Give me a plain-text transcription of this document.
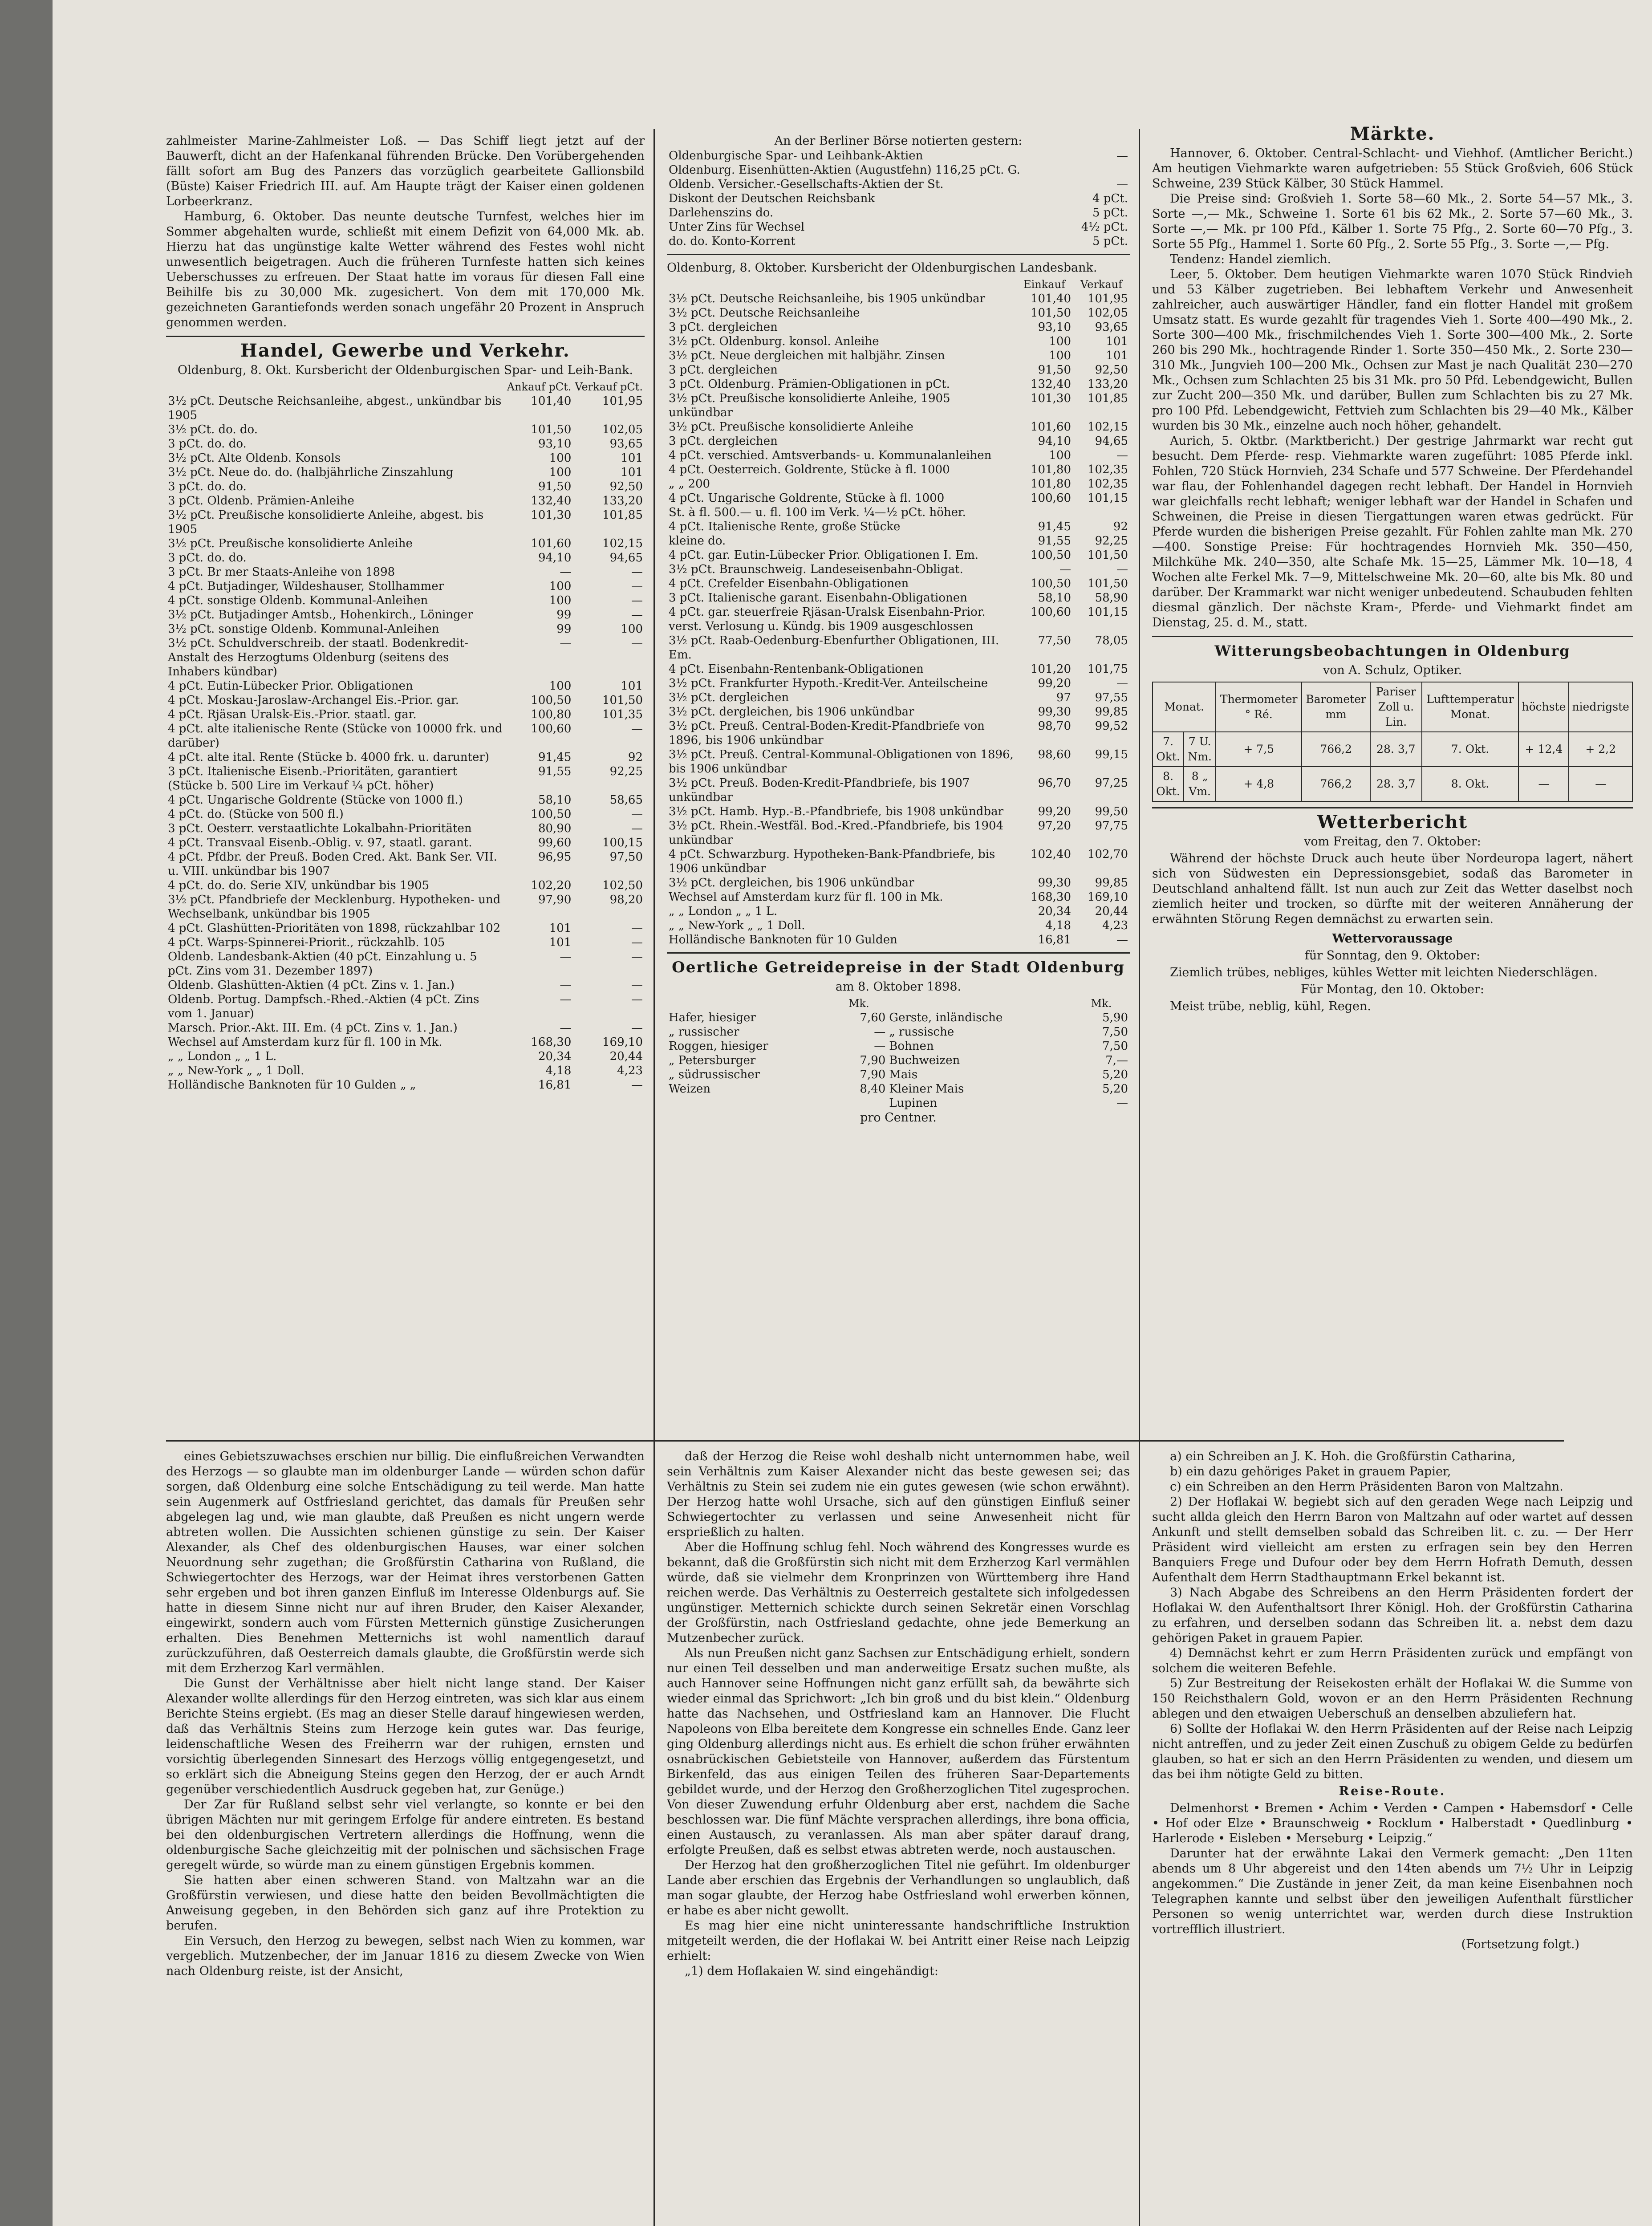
zahlmeister Marine-Zahlmeister Loß. — Das Schiff liegt jetzt auf der Bauwerft, dicht an der Hafenkanal führenden Brücke. Den Vorübergehenden fällt sofort am Bug des Panzers das vorzüglich gearbeitete Gallionsbild (Büste) Kaiser Friedrich III. auf. Am Haupte trägt der Kaiser einen goldenen Lorbeerkranz.

Hamburg, 6. Oktober. Das neunte deutsche Turnfest, welches hier im Sommer abgehalten wurde, schließt mit einem Defizit von 64,000 Mk. ab. Hierzu hat das ungünstige kalte Wetter während des Festes wohl nicht unwesentlich beigetragen. Auch die früheren Turnfeste hatten sich keines Ueberschusses zu erfreuen. Der Staat hatte im voraus für diesen Fall eine Beihilfe bis zu 30,000 Mk. zugesichert. Von dem mit 170,000 Mk. gezeichneten Garantiefonds werden sonach ungefähr 20 Prozent in Anspruch genommen werden.

Handel, Gewerbe und Verkehr.
Oldenburg, 8. Okt. Kursbericht der Oldenburgischen Spar- und Leih-Bank.
	Ankauf pCt.	Verkauf pCt.
3½ pCt. Deutsche Reichsanleihe, abgest., unkündbar bis 1905	101,40	101,95
3½ pCt. do. do.	101,50	102,05
3 pCt. do. do.	93,10	93,65
3½ pCt. Alte Oldenb. Konsols	100	101
3½ pCt. Neue do. do. (halbjährliche Zinszahlung	100	101
3 pCt. do. do.	91,50	92,50
3 pCt. Oldenb. Prämien-Anleihe	132,40	133,20
3½ pCt. Preußische konsolidierte Anleihe, abgest. bis 1905	101,30	101,85
3½ pCt. Preußische konsolidierte Anleihe	101,60	102,15
3 pCt. do. do.	94,10	94,65
3 pCt. Br mer Staats-Anleihe von 1898	—	—
4 pCt. Butjadinger, Wildeshauser, Stollhammer	100	—
4 pCt. sonstige Oldenb. Kommunal-Anleihen	100	—
3½ pCt. Butjadinger Amtsb., Hohenkirch., Löninger	99	—
3½ pCt. sonstige Oldenb. Kommunal-Anleihen	99	100
3½ pCt. Schuldverschreib. der staatl. Bodenkredit-Anstalt des Herzogtums Oldenburg (seitens des Inhabers kündbar)	—	—
4 pCt. Eutin-Lübecker Prior. Obligationen	100	101
4 pCt. Moskau-Jaroslaw-Archangel Eis.-Prior. gar.	100,50	101,50
4 pCt. Rjäsan Uralsk-Eis.-Prior. staatl. gar.	100,80	101,35
4 pCt. alte italienische Rente (Stücke von 10000 frk. und darüber)	100,60	—
4 pCt. alte ital. Rente (Stücke b. 4000 frk. u. darunter)	91,45	92
3 pCt. Italienische Eisenb.-Prioritäten, garantiert (Stücke b. 500 Lire im Verkauf ¼ pCt. höher)	91,55	92,25
4 pCt. Ungarische Goldrente (Stücke von 1000 fl.)	58,10	58,65
4 pCt. do. (Stücke von 500 fl.)	100,50	—
3 pCt. Oesterr. verstaatlichte Lokalbahn-Prioritäten	80,90	—
4 pCt. Transvaal Eisenb.-Oblig. v. 97, staatl. garant.	99,60	100,15
4 pCt. Pfdbr. der Preuß. Boden Cred. Akt. Bank Ser. VII. u. VIII. unkündbar bis 1907	96,95	97,50
4 pCt. do. do. Serie XIV, unkündbar bis 1905	102,20	102,50
3½ pCt. Pfandbriefe der Mecklenburg. Hypotheken- und Wechselbank, unkündbar bis 1905	97,90	98,20
4 pCt. Glashütten-Prioritäten von 1898, rückzahlbar 102	101	—
4 pCt. Warps-Spinnerei-Priorit., rückzahlb. 105	101	—
Oldenb. Landesbank-Aktien (40 pCt. Einzahlung u. 5 pCt. Zins vom 31. Dezember 1897)	—	—
Oldenb. Glashütten-Aktien (4 pCt. Zins v. 1. Jan.)	—	—
Oldenb. Portug. Dampfsch.-Rhed.-Aktien (4 pCt. Zins vom 1. Januar)	—	—
Marsch. Prior.-Akt. III. Em. (4 pCt. Zins v. 1. Jan.)	—	—
Wechsel auf Amsterdam kurz für fl. 100 in Mk.	168,30	169,10
„ „ London „ „ 1 L.	20,34	20,44
„ „ New-York „ „ 1 Doll.	4,18	4,23
Holländische Banknoten für 10 Gulden „ „	16,81	—
An der Berliner Börse notierten gestern:
Oldenburgische Spar- und Leihbank-Aktien	—
Oldenburg. Eisenhütten-Aktien (Augustfehn) 116,25 pCt. G.	
Oldenb. Versicher.-Gesellschafts-Aktien der St.	—
Diskont der Deutschen Reichsbank	4 pCt.
Darlehenszins do.	5 pCt.
Unter Zins für Wechsel	4½ pCt.
do. do. Konto-Korrent	5 pCt.
Oldenburg, 8. Oktober. Kursbericht der Oldenburgischen Landesbank.
	Einkauf	Verkauf
3½ pCt. Deutsche Reichsanleihe, bis 1905 unkündbar	101,40	101,95
3½ pCt. Deutsche Reichsanleihe	101,50	102,05
3 pCt. dergleichen	93,10	93,65
3½ pCt. Oldenburg. konsol. Anleihe	100	101
3½ pCt. Neue dergleichen mit halbjähr. Zinsen	100	101
3 pCt. dergleichen	91,50	92,50
3 pCt. Oldenburg. Prämien-Obligationen in pCt.	132,40	133,20
3½ pCt. Preußische konsolidierte Anleihe, 1905 unkündbar	101,30	101,85
3½ pCt. Preußische konsolidierte Anleihe	101,60	102,15
3 pCt. dergleichen	94,10	94,65
4 pCt. verschied. Amtsverbands- u. Kommunalanleihen	100	—
4 pCt. Oesterreich. Goldrente, Stücke à fl. 1000	101,80	102,35
„ „ 200	101,80	102,35
4 pCt. Ungarische Goldrente, Stücke à fl. 1000	100,60	101,15
St. à fl. 500.— u. fl. 100 im Verk. ¼—½ pCt. höher.		
4 pCt. Italienische Rente, große Stücke	91,45	92
kleine do.	91,55	92,25
4 pCt. gar. Eutin-Lübecker Prior. Obligationen I. Em.	100,50	101,50
3½ pCt. Braunschweig. Landeseisenbahn-Obligat.	—	—
4 pCt. Crefelder Eisenbahn-Obligationen	100,50	101,50
3 pCt. Italienische garant. Eisenbahn-Obligationen	58,10	58,90
4 pCt. gar. steuerfreie Rjäsan-Uralsk Eisenbahn-Prior. verst. Verlosung u. Kündg. bis 1909 ausgeschlossen	100,60	101,15
3½ pCt. Raab-Oedenburg-Ebenfurther Obligationen, III. Em.	77,50	78,05
4 pCt. Eisenbahn-Rentenbank-Obligationen	101,20	101,75
3½ pCt. Frankfurter Hypoth.-Kredit-Ver. Anteilscheine	99,20	—
3½ pCt. dergleichen	97	97,55
3½ pCt. dergleichen, bis 1906 unkündbar	99,30	99,85
3½ pCt. Preuß. Central-Boden-Kredit-Pfandbriefe von 1896, bis 1906 unkündbar	98,70	99,52
3½ pCt. Preuß. Central-Kommunal-Obligationen von 1896, bis 1906 unkündbar	98,60	99,15
3½ pCt. Preuß. Boden-Kredit-Pfandbriefe, bis 1907 unkündbar	96,70	97,25
3½ pCt. Hamb. Hyp.-B.-Pfandbriefe, bis 1908 unkündbar	99,20	99,50
3½ pCt. Rhein.-Westfäl. Bod.-Kred.-Pfandbriefe, bis 1904 unkündbar	97,20	97,75
4 pCt. Schwarzburg. Hypotheken-Bank-Pfandbriefe, bis 1906 unkündbar	102,40	102,70
3½ pCt. dergleichen, bis 1906 unkündbar	99,30	99,85
Wechsel auf Amsterdam kurz für fl. 100 in Mk.	168,30	169,10
„ „ London „ „ 1 L.	20,34	20,44
„ „ New-York „ „ 1 Doll.	4,18	4,23
Holländische Banknoten für 10 Gulden	16,81	—
Oertliche Getreidepreise in der Stadt Oldenburg
am 8. Oktober 1898.
	Mk.		Mk.
Hafer, hiesiger	7,60	Gerste, inländische	5,90
„ russischer	—	„ russische	7,50
Roggen, hiesiger	—	Bohnen	7,50
„ Petersburger	7,90	Buchweizen	7,—
„ südrussischer	7,90	Mais	5,20
Weizen	8,40	Kleiner Mais	5,20
		Lupinen	—
pro Centner.
Märkte.

Hannover, 6. Oktober. Central-Schlacht- und Viehhof. (Amtlicher Bericht.) Am heutigen Viehmarkte waren aufgetrieben: 55 Stück Großvieh, 606 Stück Schweine, 239 Stück Kälber, 30 Stück Hammel.

Die Preise sind: Großvieh 1. Sorte 58—60 Mk., 2. Sorte 54—57 Mk., 3. Sorte —,— Mk., Schweine 1. Sorte 61 bis 62 Mk., 2. Sorte 57—60 Mk., 3. Sorte —,— Mk. pr 100 Pfd., Kälber 1. Sorte 75 Pfg., 2. Sorte 60—70 Pfg., 3. Sorte 55 Pfg., Hammel 1. Sorte 60 Pfg., 2. Sorte 55 Pfg., 3. Sorte —,— Pfg.

Tendenz: Handel ziemlich.

Leer, 5. Oktober. Dem heutigen Viehmarkte waren 1070 Stück Rindvieh und 53 Kälber zugetrieben. Bei lebhaftem Verkehr und Anwesenheit zahlreicher, auch auswärtiger Händler, fand ein flotter Handel mit großem Umsatz statt. Es wurde gezahlt für tragendes Vieh 1. Sorte 400—490 Mk., 2. Sorte 300—400 Mk., frischmilchendes Vieh 1. Sorte 300—400 Mk., 2. Sorte 260 bis 290 Mk., hochtragende Rinder 1. Sorte 350—450 Mk., 2. Sorte 230—310 Mk., Jungvieh 100—200 Mk., Ochsen zur Mast je nach Qualität 230—270 Mk., Ochsen zum Schlachten 25 bis 31 Mk. pro 50 Pfd. Lebendgewicht, Bullen zur Zucht 200—350 Mk. und darüber, Bullen zum Schlachten bis zu 27 Mk. pro 100 Pfd. Lebendgewicht, Fettvieh zum Schlachten bis 29—40 Mk., Kälber wurden bis 30 Mk., einzelne auch noch höher, gehandelt.

Aurich, 5. Oktbr. (Marktbericht.) Der gestrige Jahrmarkt war recht gut besucht. Dem Pferde- resp. Viehmarkte waren zugeführt: 1085 Pferde inkl. Fohlen, 720 Stück Hornvieh, 234 Schafe und 577 Schweine. Der Pferdehandel war flau, der Fohlenhandel dagegen recht lebhaft. Der Handel in Hornvieh war gleichfalls recht lebhaft; weniger lebhaft war der Handel in Schafen und Schweinen, die Preise in diesen Tiergattungen waren etwas gedrückt. Für Pferde wurden die bisherigen Preise gezahlt. Für Fohlen zahlte man Mk. 270—400. Sonstige Preise: Für hochtragendes Hornvieh Mk. 350—450, Milchkühe Mk. 240—350, alte Schafe Mk. 15—25, Lämmer Mk. 10—18, 4 Wochen alte Ferkel Mk. 7—9, Mittelschweine Mk. 20—60, alte bis Mk. 80 und darüber. Der Krammarkt war nicht weniger unbedeutend. Schaubuden fehlten diesmal gänzlich. Der nächste Kram-, Pferde- und Viehmarkt findet am Dienstag, 25. d. M., statt.

Witterungsbeobachtungen in Oldenburg
von A. Schulz, Optiker.
Monat.		Thermometer ° Ré.	Barometer mm	Pariser Zoll u. Lin.	Lufttemperatur Monat.	höchste	niedrigste
7. Okt.	7 U. Nm.	+ 7,5	766,2	28. 3,7	7. Okt.	+ 12,4	+ 2,2
8. Okt.	8 „ Vm.	+ 4,8	766,2	28. 3,7	8. Okt.	—	—
Wetterbericht
vom Freitag, den 7. Oktober:

Während der höchste Druck auch heute über Nordeuropa lagert, nähert sich von Südwesten ein Depressionsgebiet, sodaß das Barometer in Deutschland anhaltend fällt. Ist nun auch zur Zeit das Wetter daselbst noch ziemlich heiter und trocken, so dürfte mit der weiteren Annäherung der erwähnten Störung Regen demnächst zu erwarten sein.

Wettervoraussage
für Sonntag, den 9. Oktober:

Ziemlich trübes, nebliges, kühles Wetter mit leichten Niederschlägen.

Für Montag, den 10. Oktober:

Meist trübe, neblig, kühl, Regen.

eines Gebietszuwachses erschien nur billig. Die einflußreichen Verwandten des Herzogs — so glaubte man im oldenburger Lande — würden schon dafür sorgen, daß Oldenburg eine solche Entschädigung zu teil werde. Man hatte sein Augenmerk auf Ostfriesland gerichtet, das damals für Preußen sehr abgelegen lag und, wie man glaubte, daß Preußen es nicht ungern werde abtreten wollen. Die Aussichten schienen günstige zu sein. Der Kaiser Alexander, als Chef des oldenburgischen Hauses, war einer solchen Neuordnung sehr zugethan; die Großfürstin Catharina von Rußland, die Schwiegertochter des Herzogs, war der Heimat ihres verstorbenen Gatten sehr ergeben und bot ihren ganzen Einfluß im Interesse Oldenburgs auf. Sie hatte in diesem Sinne nicht nur auf ihren Bruder, den Kaiser Alexander, eingewirkt, sondern auch vom Fürsten Metternich günstige Zusicherungen erhalten. Dies Benehmen Metternichs ist wohl namentlich darauf zurückzuführen, daß Oesterreich damals glaubte, die Großfürstin werde sich mit dem Erzherzog Karl vermählen.

Die Gunst der Verhältnisse aber hielt nicht lange stand. Der Kaiser Alexander wollte allerdings für den Herzog eintreten, was sich klar aus einem Berichte Steins ergiebt. (Es mag an dieser Stelle darauf hingewiesen werden, daß das Verhältnis Steins zum Herzoge kein gutes war. Das feurige, leidenschaftliche Wesen des Freiherrn war der ruhigen, ernsten und vorsichtig überlegenden Sinnesart des Herzogs völlig entgegengesetzt, und so erklärt sich die Abneigung Steins gegen den Herzog, der er auch Arndt gegenüber verschiedentlich Ausdruck gegeben hat, zur Genüge.)

Der Zar für Rußland selbst sehr viel verlangte, so konnte er bei den übrigen Mächten nur mit geringem Erfolge für andere eintreten. Es bestand bei den oldenburgischen Vertretern allerdings die Hoffnung, wenn die oldenburgische Sache gleichzeitig mit der polnischen und sächsischen Frage geregelt würde, so würde man zu einem günstigen Ergebnis kommen.

Sie hatten aber einen schweren Stand. von Maltzahn war an die Großfürstin verwiesen, und diese hatte den beiden Bevollmächtigten die Anweisung gegeben, in den Behörden sich ganz auf ihre Protektion zu berufen.

Ein Versuch, den Herzog zu bewegen, selbst nach Wien zu kommen, war vergeblich. Mutzenbecher, der im Januar 1816 zu diesem Zwecke von Wien nach Oldenburg reiste, ist der Ansicht,

daß der Herzog die Reise wohl deshalb nicht unternommen habe, weil sein Verhältnis zum Kaiser Alexander nicht das beste gewesen sei; das Verhältnis zu Stein sei zudem nie ein gutes gewesen (wie schon erwähnt). Der Herzog hatte wohl Ursache, sich auf den günstigen Einfluß seiner Schwiegertochter zu verlassen und seine Anwesenheit nicht für ersprießlich zu halten.

Aber die Hoffnung schlug fehl. Noch während des Kongresses wurde es bekannt, daß die Großfürstin sich nicht mit dem Erzherzog Karl vermählen würde, daß sie vielmehr dem Kronprinzen von Württemberg ihre Hand reichen werde. Das Verhältnis zu Oesterreich gestaltete sich infolgedessen ungünstiger. Metternich schickte durch seinen Sekretär einen Vorschlag der Großfürstin, nach Ostfriesland gedachte, ohne jede Bemerkung an Mutzenbecher zurück.

Als nun Preußen nicht ganz Sachsen zur Entschädigung erhielt, sondern nur einen Teil desselben und man anderweitige Ersatz suchen mußte, als auch Hannover seine Hoffnungen nicht ganz erfüllt sah, da bewährte sich wieder einmal das Sprichwort: „Ich bin groß und du bist klein.“ Oldenburg hatte das Nachsehen, und Ostfriesland kam an Hannover. Die Flucht Napoleons von Elba bereitete dem Kongresse ein schnelles Ende. Ganz leer ging Oldenburg allerdings nicht aus. Es erhielt die schon früher erwähnten osnabrückischen Gebietsteile von Hannover, außerdem das Fürstentum Birkenfeld, das aus einigen Teilen des früheren Saar-Departements gebildet wurde, und der Herzog den Großherzoglichen Titel zugesprochen. Von dieser Zuwendung erfuhr Oldenburg aber erst, nachdem die Sache beschlossen war. Die fünf Mächte versprachen allerdings, ihre bona officia, einen Austausch, zu veranlassen. Als man aber später darauf drang, erfolgte Preußen, daß es selbst etwas abtreten werde, noch austauschen.

Der Herzog hat den großherzoglichen Titel nie geführt. Im oldenburger Lande aber erschien das Ergebnis der Verhandlungen so unglaublich, daß man sogar glaubte, der Herzog habe Ostfriesland wohl erwerben können, er habe es aber nicht gewollt.

Es mag hier eine nicht uninteressante handschriftliche Instruktion mitgeteilt werden, die der Hoflakai W. bei Antritt einer Reise nach Leipzig erhielt:

„1) dem Hoflakaien W. sind eingehändigt:

a) ein Schreiben an J. K. Hoh. die Großfürstin Catharina,

b) ein dazu gehöriges Paket in grauem Papier,

c) ein Schreiben an den Herrn Präsidenten Baron von Maltzahn.

2) Der Hoflakai W. begiebt sich auf den geraden Wege nach Leipzig und sucht allda gleich den Herrn Baron von Maltzahn auf oder wartet auf dessen Ankunft und stellt demselben sobald das Schreiben lit. c. zu. — Der Herr Präsident wird vielleicht am ersten zu erfragen sein bey den Herren Banquiers Frege und Dufour oder bey dem Herrn Hofrath Demuth, dessen Aufenthalt dem Herrn Stadthauptmann Erkel bekannt ist.

3) Nach Abgabe des Schreibens an den Herrn Präsidenten fordert der Hoflakai W. den Aufenthaltsort Ihrer Königl. Hoh. der Großfürstin Catharina zu erfahren, und derselben sodann das Schreiben lit. a. nebst dem dazu gehörigen Paket in grauem Papier.

4) Demnächst kehrt er zum Herrn Präsidenten zurück und empfängt von solchem die weiteren Befehle.

5) Zur Bestreitung der Reisekosten erhält der Hoflakai W. die Summe von 150 Reichsthalern Gold, wovon er an den Herrn Präsidenten Rechnung ablegen und den etwaigen Ueberschuß an denselben abzuliefern hat.

6) Sollte der Hoflakai W. den Herrn Präsidenten auf der Reise nach Leipzig nicht antreffen, und zu jeder Zeit einen Zuschuß zu obigem Gelde zu bedürfen glauben, so hat er sich an den Herrn Präsidenten zu wenden, und diesem um das bei ihm nötigte Geld zu bitten.

Reise-Route.

Delmenhorst • Bremen • Achim • Verden • Campen • Habemsdorf • Celle • Hof oder Elze • Braunschweig • Rocklum • Halberstadt • Quedlinburg • Harlerode • Eisleben • Merseburg • Leipzig.“

Darunter hat der erwähnte Lakai den Vermerk gemacht: „Den 11ten abends um 8 Uhr abgereist und den 14ten abends um 7½ Uhr in Leipzig angekommen.“ Die Zustände in jener Zeit, da man keine Eisenbahnen noch Telegraphen kannte und selbst über den jeweiligen Aufenthalt fürstlicher Personen so wenig unterrichtet war, werden durch diese Instruktion vortrefflich illustriert.

(Fortsetzung folgt.)
